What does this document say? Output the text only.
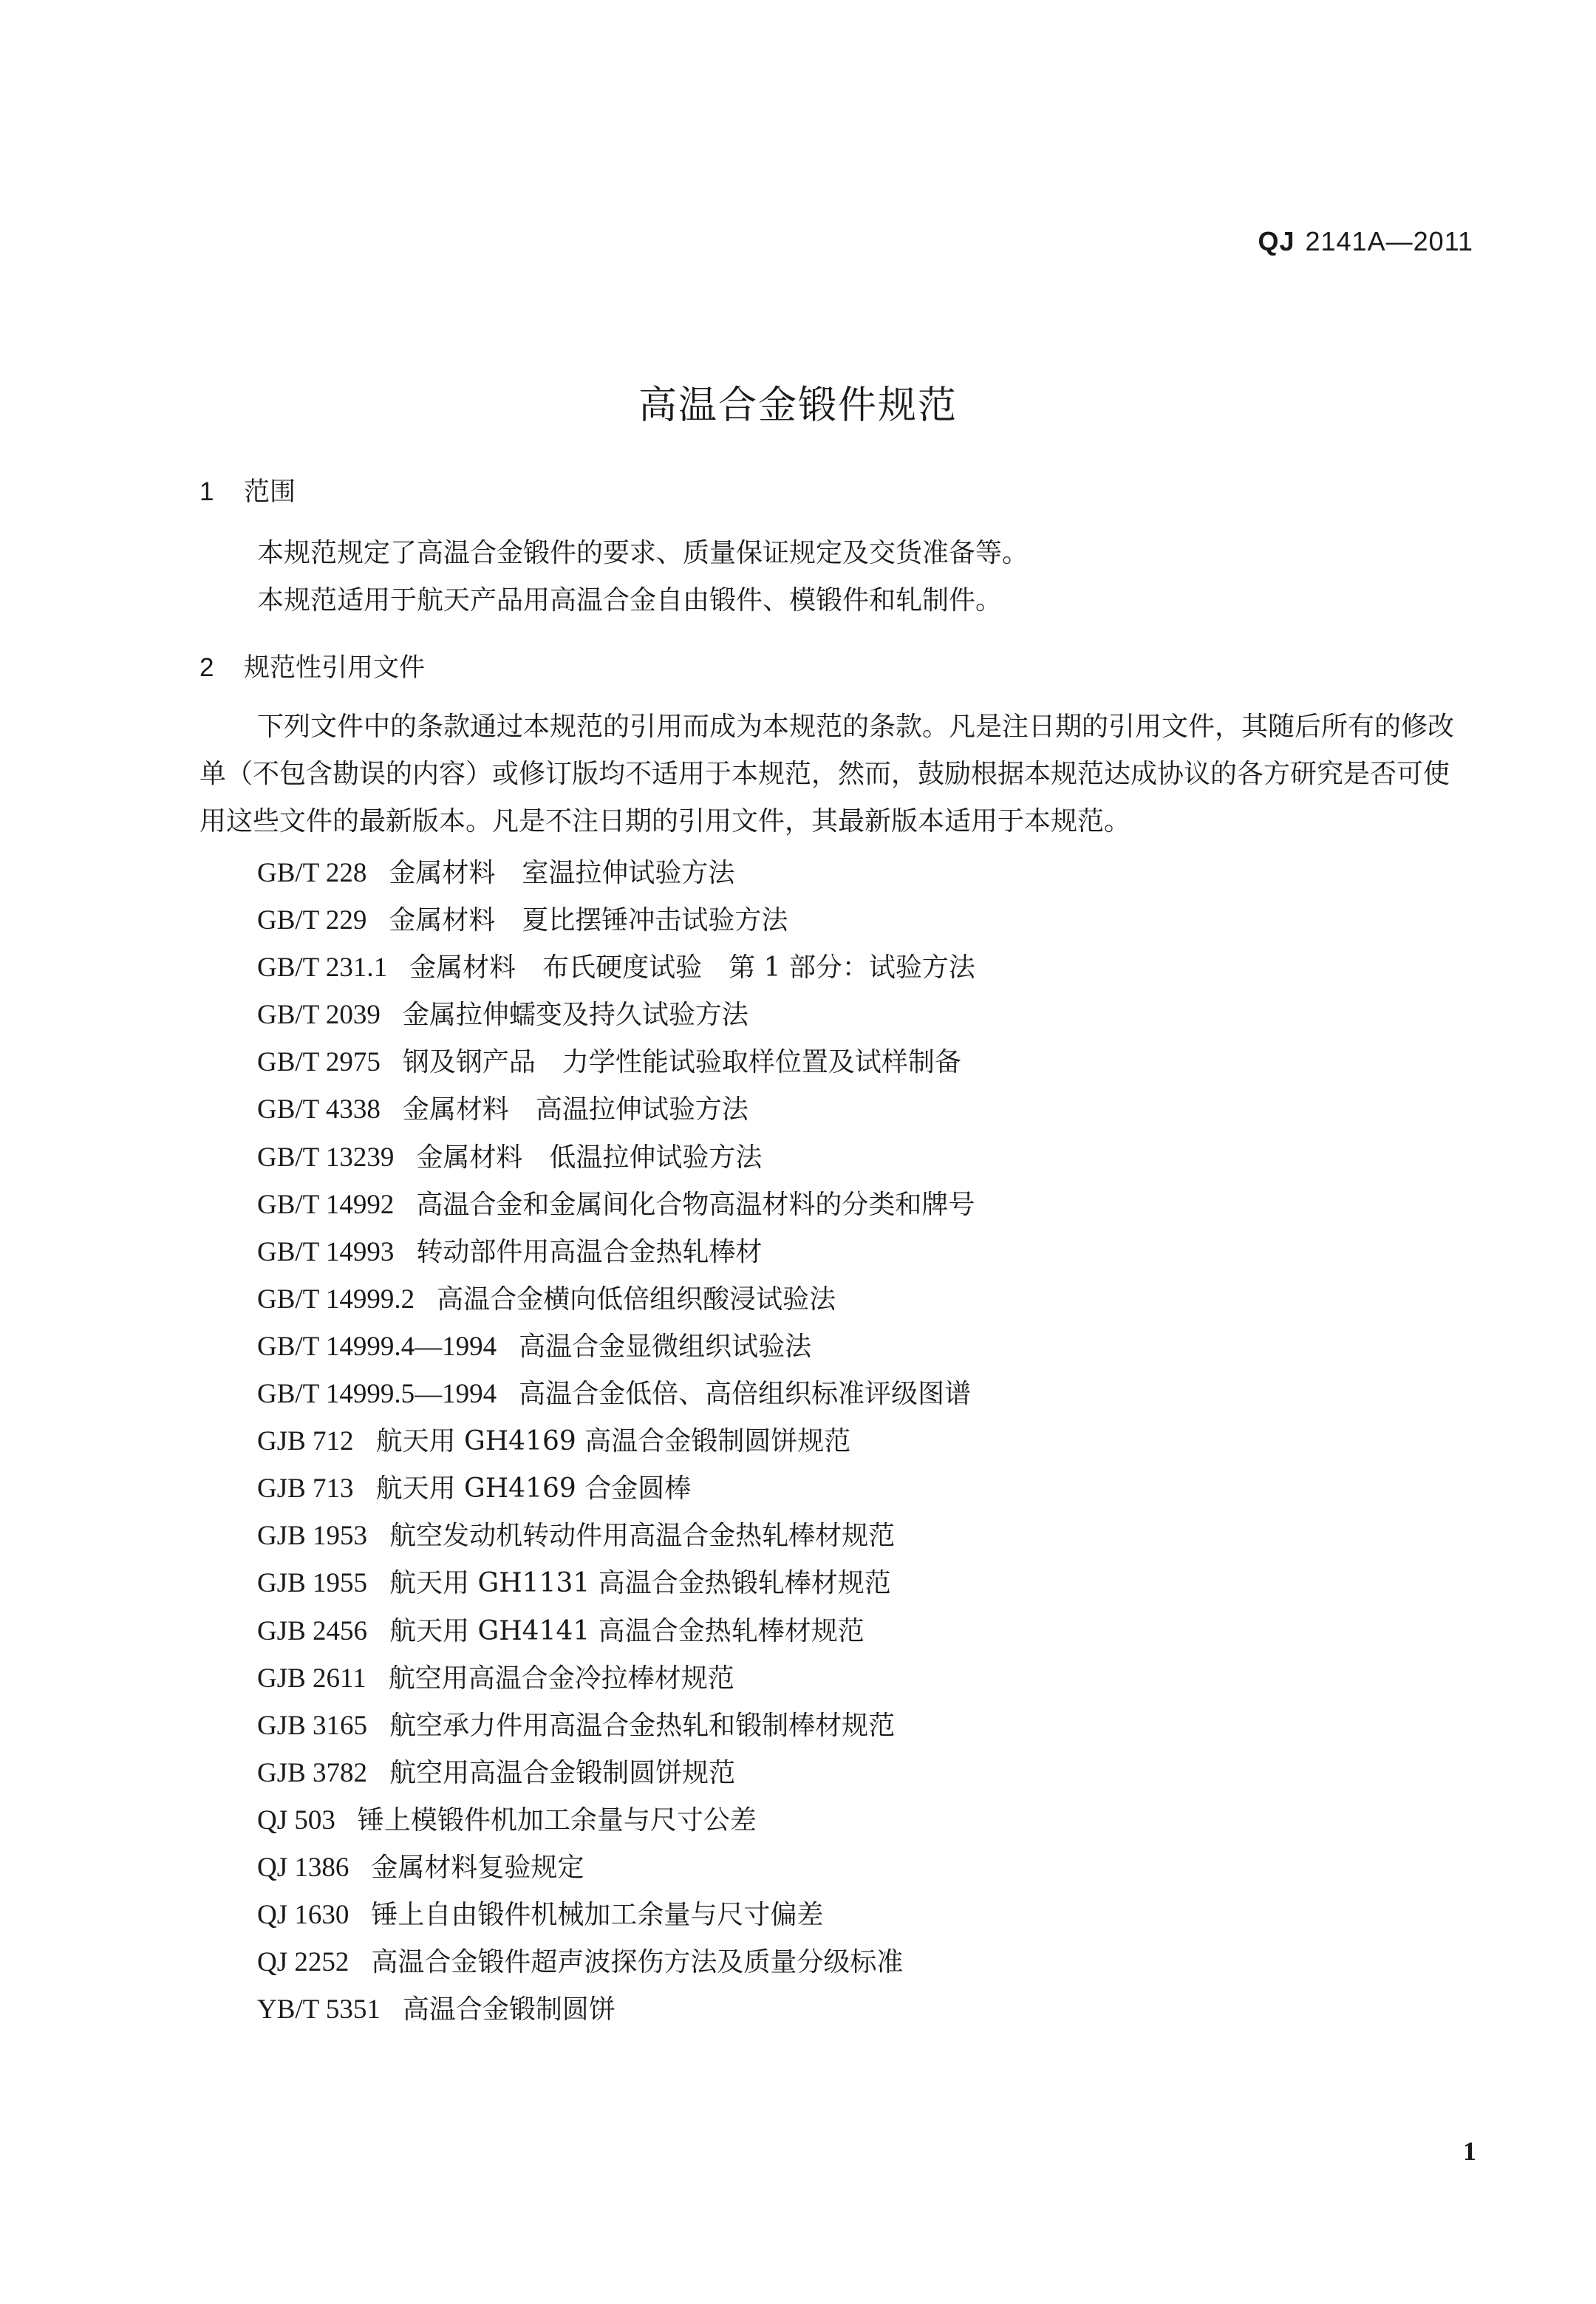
QJ 2141A—2011
高温合金锻件规范
1 范围

本规范规定了高温合金锻件的要求、质量保证规定及交货准备等。

本规范适用于航天产品用高温合金自由锻件、模锻件和轧制件。

2 规范性引用文件

下列文件中的条款通过本规范的引用而成为本规范的条款。凡是注日期的引用文件，其随后所有的修改单（不包含勘误的内容）或修订版均不适用于本规范，然而，鼓励根据本规范达成协议的各方研究是否可使用这些文件的最新版本。凡是不注日期的引用文件，其最新版本适用于本规范。

GB/T 228 金属材料　室温拉伸试验方法
GB/T 229 金属材料　夏比摆锤冲击试验方法
GB/T 231.1 金属材料　布氏硬度试验　第 1 部分：试验方法
GB/T 2039 金属拉伸蠕变及持久试验方法
GB/T 2975 钢及钢产品　力学性能试验取样位置及试样制备
GB/T 4338 金属材料　高温拉伸试验方法
GB/T 13239 金属材料　低温拉伸试验方法
GB/T 14992 高温合金和金属间化合物高温材料的分类和牌号
GB/T 14993 转动部件用高温合金热轧棒材
GB/T 14999.2 高温合金横向低倍组织酸浸试验法
GB/T 14999.4—1994 高温合金显微组织试验法
GB/T 14999.5—1994 高温合金低倍、高倍组织标准评级图谱
GJB 712 航天用 GH4169 高温合金锻制圆饼规范
GJB 713 航天用 GH4169 合金圆棒
GJB 1953 航空发动机转动件用高温合金热轧棒材规范
GJB 1955 航天用 GH1131 高温合金热锻轧棒材规范
GJB 2456 航天用 GH4141 高温合金热轧棒材规范
GJB 2611 航空用高温合金冷拉棒材规范
GJB 3165 航空承力件用高温合金热轧和锻制棒材规范
GJB 3782 航空用高温合金锻制圆饼规范
QJ 503 锤上模锻件机加工余量与尺寸公差
QJ 1386 金属材料复验规定
QJ 1630 锤上自由锻件机械加工余量与尺寸偏差
QJ 2252 高温合金锻件超声波探伤方法及质量分级标准
YB/T 5351 高温合金锻制圆饼
1
